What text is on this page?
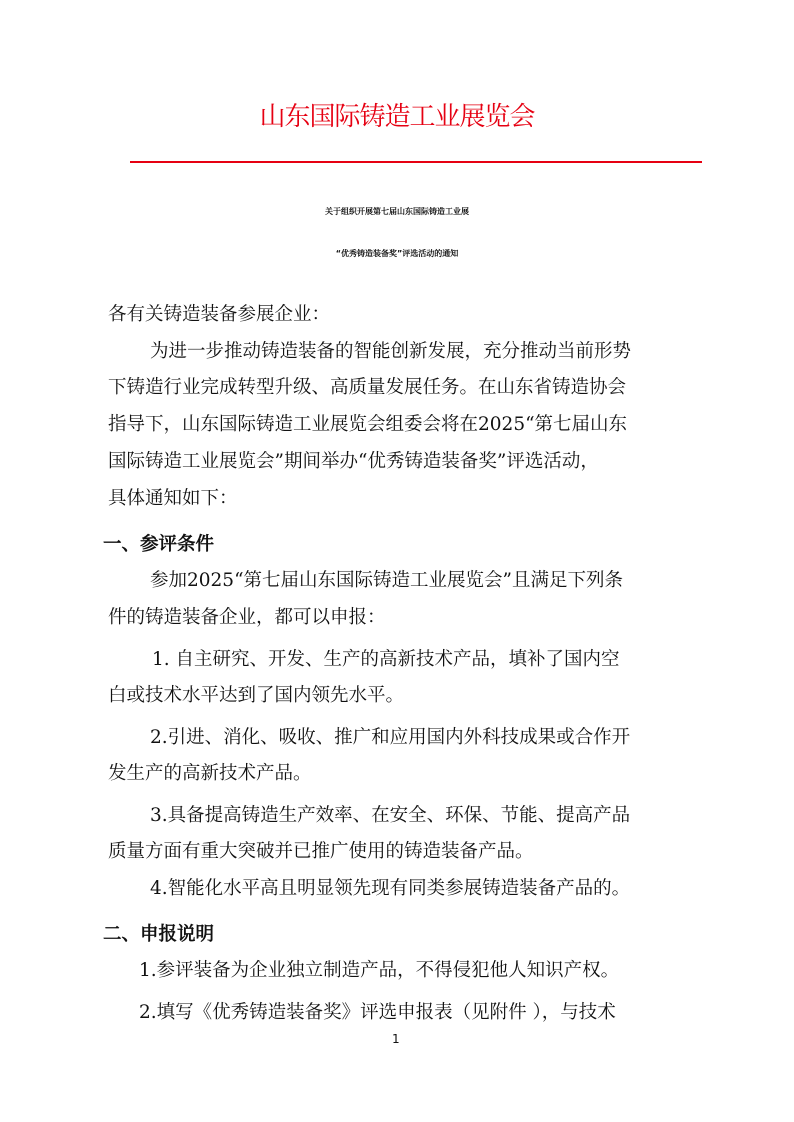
山东国际铸造工业展览会
关于组织开展第七届山东国际铸造工业展
“优秀铸造装备奖”评选活动的通知
各有关铸造装备参展企业：
为进一步推动铸造装备的智能创新发展，充分推动当前形势
下铸造行业完成转型升级、高质量发展任务。在山东省铸造协会
指导下，山东国际铸造工业展览会组委会将在2025“第七届山东
国际铸造工业展览会”期间举办“优秀铸造装备奖”评选活动，
具体通知如下：
一、参评条件
参加2025“第七届山东国际铸造工业展览会”且满足下列条
件的铸造装备企业，都可以申报：
1. 自主研究、开发、生产的高新技术产品，填补了国内空
白或技术水平达到了国内领先水平。
2.引进、消化、吸收、推广和应用国内外科技成果或合作开
发生产的高新技术产品。
3.具备提高铸造生产效率、在安全、环保、节能、提高产品
质量方面有重大突破并已推广使用的铸造装备产品。
4.智能化水平高且明显领先现有同类参展铸造装备产品的。
二、申报说明
1.参评装备为企业独立制造产品，不得侵犯他人知识产权。
2.填写《优秀铸造装备奖》评选申报表（见附件 ），与技术
1
